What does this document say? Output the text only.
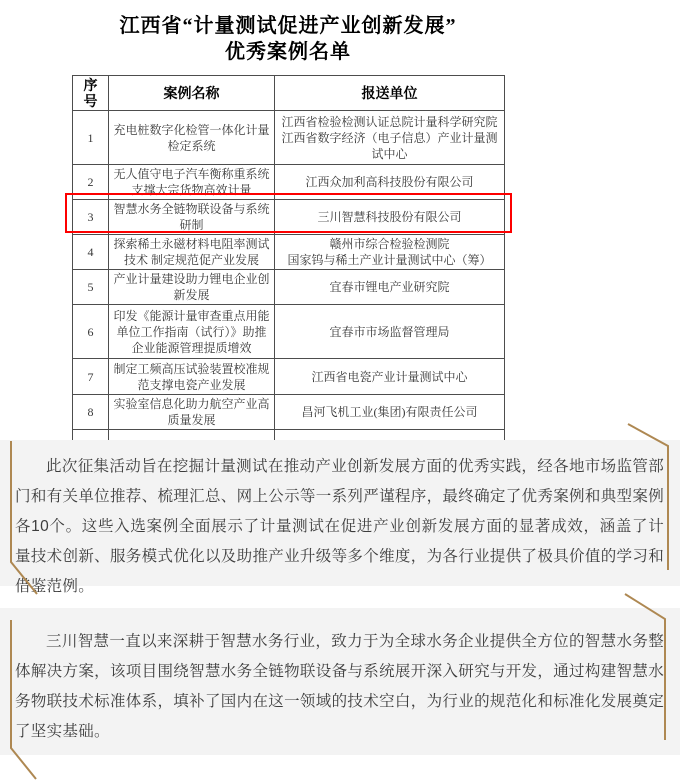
江西省“计量测试促进产业创新发展”
优秀案例名单
序号	案例名称	报送单位
1	充电桩数字化检管一体化计量检定系统	江西省检验检测认证总院计量科学研究院
江西省数字经济（电子信息）产业计量测试中心

2	无人值守电子汽车衡称重系统支撑大宗货物高效计量	江西众加利高科技股份有限公司

3	智慧水务全链物联设备与系统研制	三川智慧科技股份有限公司

4	探索稀土永磁材料电阻率测试技术 制定规范促产业发展	赣州市综合检验检测院
国家钨与稀土产业计量测试中心（筹）

5	产业计量建设助力锂电企业创新发展	宜春市锂电产业研究院

6	印发《能源计量审查重点用能单位工作指南（试行）》助推企业能源管理提质增效	宜春市市场监督管理局

7	制定工频高压试验装置校准规范支撑电瓷产业发展	江西省电瓷产业计量测试中心

8	实验室信息化助力航空产业高质量发展	昌河飞机工业(集团)有限责任公司

此次征集活动旨在挖掘计量测试在推动产业创新发展方面的优秀实践，经各地市场监管部门和有关单位推荐、梳理汇总、网上公示等一系列严谨程序，最终确定了优秀案例和典型案例各10个。这些入选案例全面展示了计量测试在促进产业创新发展方面的显著成效，涵盖了计量技术创新、服务模式优化以及助推产业升级等多个维度，为各行业提供了极具价值的学习和借鉴范例。

三川智慧一直以来深耕于智慧水务行业，致力于为全球水务企业提供全方位的智慧水务整体解决方案，该项目围绕智慧水务全链物联设备与系统展开深入研究与开发，通过构建智慧水务物联技术标准体系，填补了国内在这一领域的技术空白，为行业的规范化和标准化发展奠定了坚实基础。
